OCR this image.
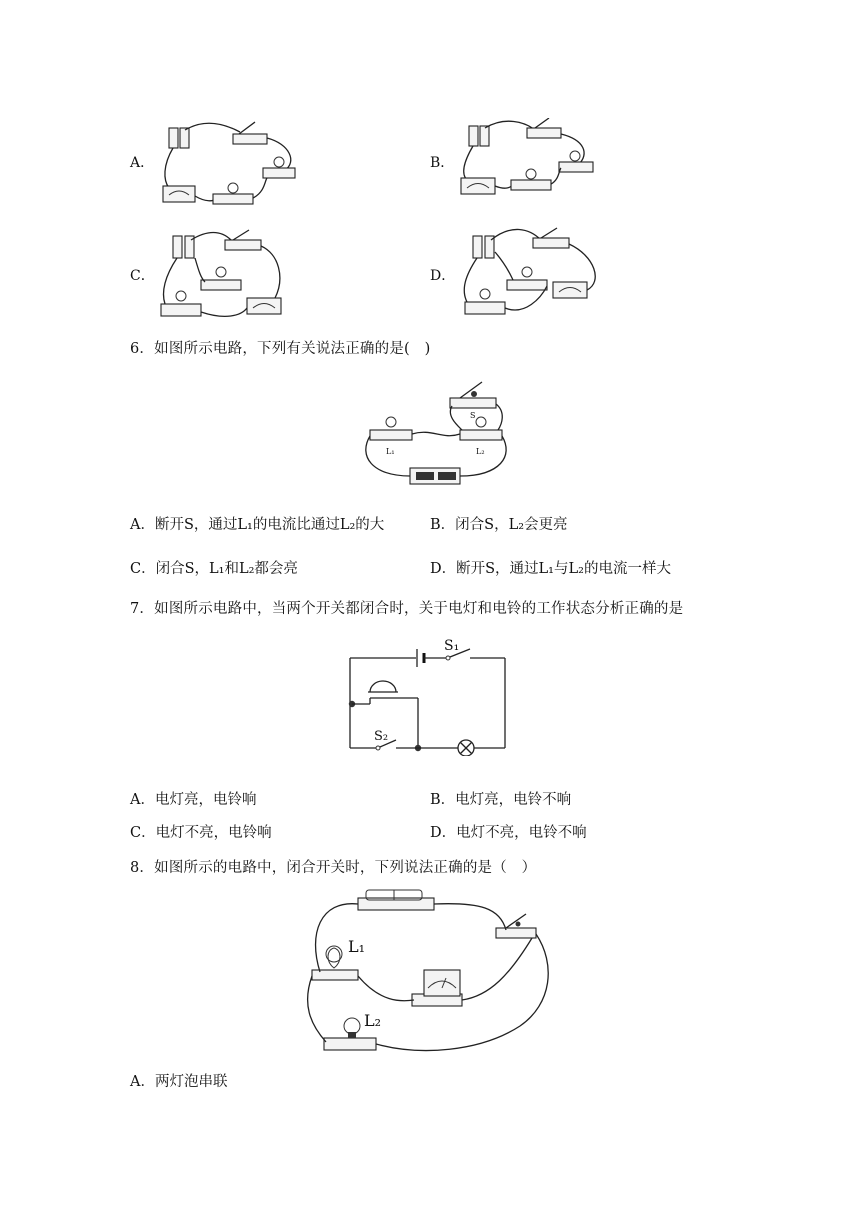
A．	B．
C．	D．
6．如图所示电路，下列有关说法正确的是(　)
L₁	L₂
S
A．断开S，通过L₁的电流比通过L₂的大	B．闭合S，L₂会更亮
C．闭合S，L₁和L₂都会亮	D．断开S，通过L₁与L₂的电流一样大
7．如图所示电路中，当两个开关都闭合时，关于电灯和电铃的工作状态分析正确的是
S₁
S₂
A．电灯亮，电铃响	B．电灯亮，电铃不响
C．电灯不亮，电铃响	D．电灯不亮，电铃不响
8．如图所示的电路中，闭合开关时，下列说法正确的是（　）
L₁
L₂
A．两灯泡串联
